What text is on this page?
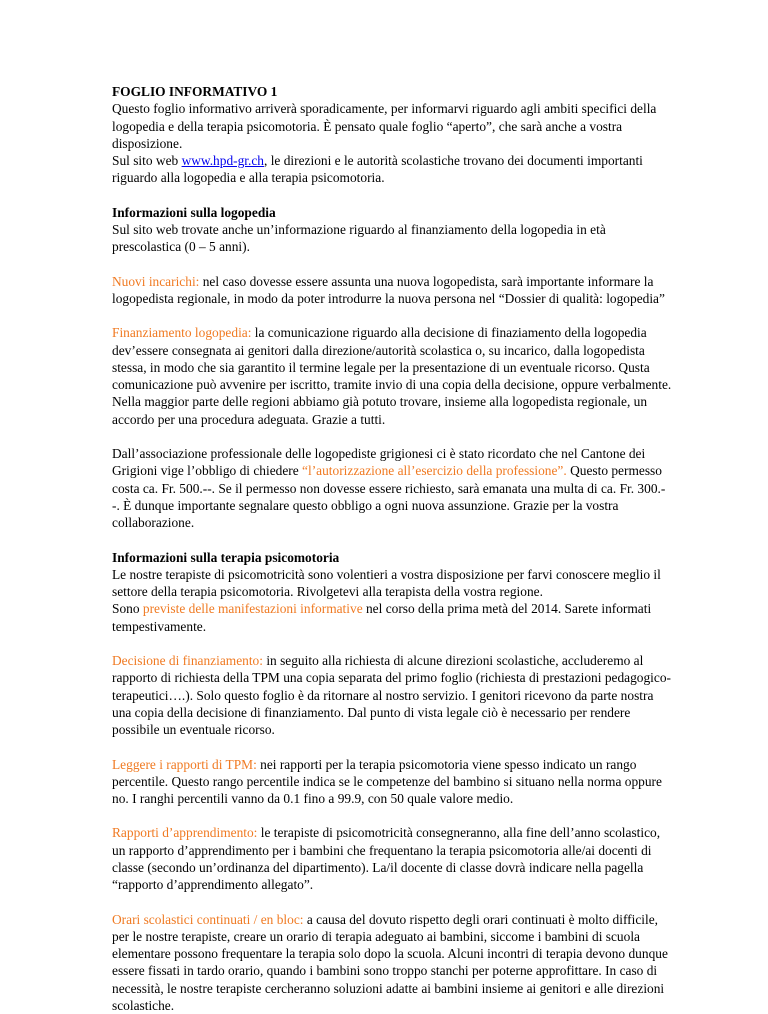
FOGLIO INFORMATIVO 1
Questo foglio informativo arriverà sporadicamente, per informarvi riguardo agli ambiti specifici della logopedia e della terapia psicomotoria. È pensato quale foglio “aperto”, che sarà anche a vostra disposizione.
Sul sito web www.hpd-gr.ch, le direzioni e le autorità scolastiche trovano dei documenti importanti riguardo alla logopedia e alla terapia psicomotoria.

Informazioni sulla logopedia
Sul sito web trovate anche un’informazione riguardo al finanziamento della logopedia in età prescolastica (0 – 5 anni).

Nuovi incarichi: nel caso dovesse essere assunta una nuova logopedista, sarà importante informare la logopedista regionale, in modo da poter introdurre la nuova persona nel “Dossier di qualità: logopedia”

Finanziamento logopedia: la comunicazione riguardo alla decisione di finaziamento della logopedia dev’essere consegnata ai genitori dalla direzione/autorità scolastica o, su incarico, dalla logopedista stessa, in modo che sia garantito il termine legale per la presentazione di un eventuale ricorso. Qusta comunicazione può avvenire per iscritto, tramite invio di una copia della decisione, oppure verbalmente. Nella maggior parte delle regioni abbiamo già potuto trovare, insieme alla logopedista regionale, un accordo per una procedura adeguata. Grazie a tutti.

Dall’associazione professionale delle logopediste grigionesi ci è stato ricordato che nel Cantone dei Grigioni vige l’obbligo di chiedere “l’autorizzazione all’esercizio della professione”. Questo permesso costa ca. Fr. 500.--. Se il permesso non dovesse essere richiesto, sarà emanata una multa di ca. Fr. 300.--. È dunque importante segnalare questo obbligo a ogni nuova assunzione. Grazie per la vostra collaborazione.

Informazioni sulla terapia psicomotoria
Le nostre terapiste di psicomotricità sono volentieri a vostra disposizione per farvi conoscere meglio il settore della terapia psicomotoria. Rivolgetevi alla terapista della vostra regione.
Sono previste delle manifestazioni informative nel corso della prima metà del 2014. Sarete informati tempestivamente.

Decisione di finanziamento: in seguito alla richiesta di alcune direzioni scolastiche, accluderemo al rapporto di richiesta della TPM una copia separata del primo foglio (richiesta di prestazioni pedagogico-terapeutici….). Solo questo foglio è da ritornare al nostro servizio. I genitori ricevono da parte nostra una copia della decisione di finanziamento. Dal punto di vista legale ciò è necessario per rendere possibile un eventuale ricorso.

Leggere i rapporti di TPM: nei rapporti per la terapia psicomotoria viene spesso indicato un rango percentile. Questo rango percentile indica se le competenze del bambino si situano nella norma oppure no. I ranghi percentili vanno da 0.1 fino a 99.9, con 50 quale valore medio.

Rapporti d’apprendimento: le terapiste di psicomotricità consegneranno, alla fine dell’anno scolastico, un rapporto d’apprendimento per i bambini che frequentano la terapia psicomotoria alle/ai docenti di classe (secondo un’ordinanza del dipartimento). La/il docente di classe dovrà indicare nella pagella “rapporto d’apprendimento allegato”.

Orari scolastici continuati / en bloc: a causa del dovuto rispetto degli orari continuati è molto difficile, per le nostre terapiste, creare un orario di terapia adeguato ai bambini, siccome i bambini di scuola elementare possono frequentare la terapia solo dopo la scuola. Alcuni incontri di terapia devono dunque essere fissati in tardo orario, quando i bambini sono troppo stanchi per poterne approfittare. In caso di necessità, le nostre terapiste cercheranno soluzioni adatte ai bambini insieme ai genitori e alle direzioni scolastiche.
